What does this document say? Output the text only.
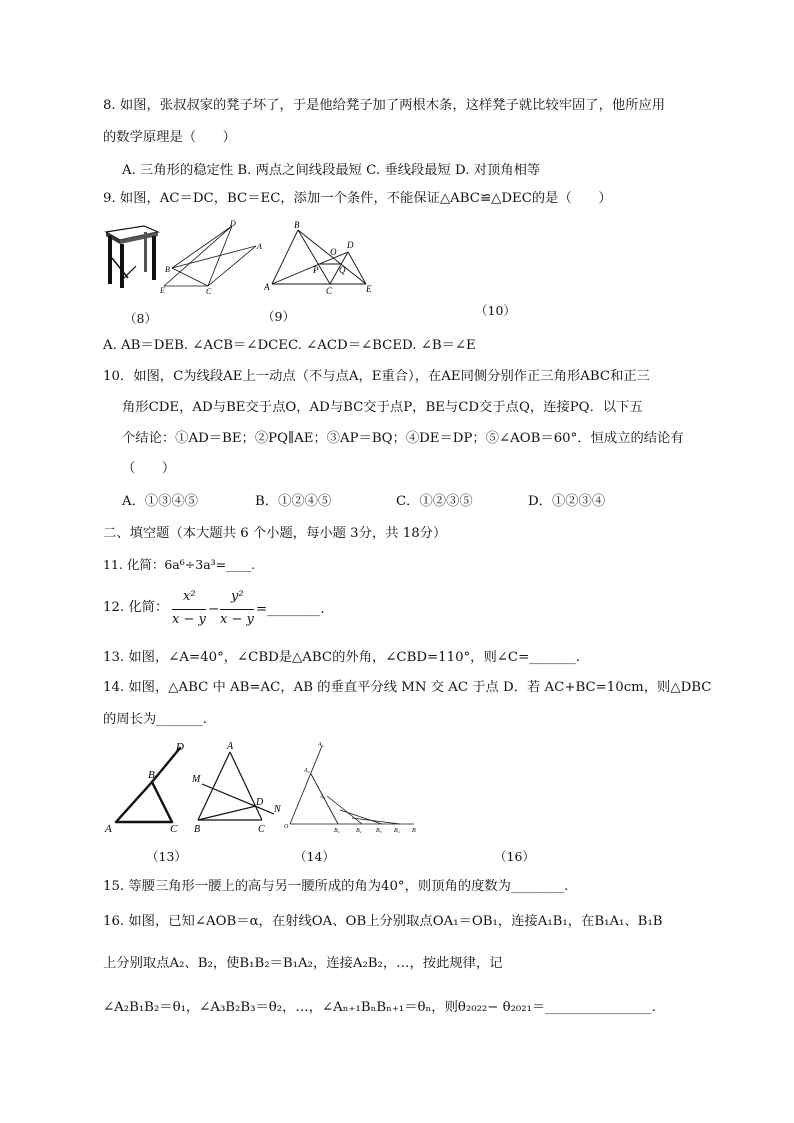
8. 如图，张叔叔家的凳子坏了，于是他给凳子加了两根木条，这样凳子就比较牢固了，他所应用
的数学原理是（　　）
A. 三角形的稳定性 B. 两点之间线段最短 C. 垂线段最短 D. 对顶角相等
9. 如图，AC＝DC，BC＝EC，添加一个条件，不能保证△ABC≌△DEC的是（　　）
D
A
B
E	C
B
D
O
P Q
A	C	E
（8）	（9）	（10）
A. AB＝DEB. ∠ACB＝∠DCEC. ∠ACD＝∠BCED. ∠B＝∠E
10．如图，C为线段AE上一动点（不与点A，E重合），在AE同侧分别作正三角形ABC和正三
角形CDE，AD与BE交于点O，AD与BC交于点P，BE与CD交于点Q，连接PQ．以下五
个结论：①AD＝BE；②PQ∥AE；③AP＝BQ；④DE＝DP；⑤∠AOB＝60°．恒成立的结论有
（　　）
A．①③④⑤	B．①②④⑤	C．①②③⑤	D．①②③④
二、填空题（本大题共 6 个小题，每小题 3分，共 18分）
11. 化简：6a⁶÷3a³=____.
12. 化简：
x²
x − y
−
y²
x − y
=________.
13. 如图，∠A=40°，∠CBD是△ABC的外角，∠CBD=110°，则∠C=_______.
14. 如图，△ABC 中 AB=AC，AB 的垂直平分线 MN 交 AC 于点 D．若 AC+BC=10cm，则△DBC
的周长为_______.
D
B
A	C
A
M
D
N
B	C
A₃
A₂
A₁
O
B₁	B₂ B₃ B₄ B
（13）	（14）	（16）
15. 等腰三角形一腰上的高与另一腰所成的角为40°，则顶角的度数为________.
16. 如图，已知∠AOB＝α，在射线OA、OB上分别取点OA₁＝OB₁，连接A₁B₁，在B₁A₁、B₁B
上分别取点A₂、B₂，使B₁B₂＝B₁A₂，连接A₂B₂，…，按此规律，记
∠A₂B₁B₂＝θ₁，∠A₃B₂B₃＝θ₂，…，∠Aₙ₊₁BₙBₙ₊₁＝θₙ，则θ₂₀₂₂− θ₂₀₂₁＝________________.
